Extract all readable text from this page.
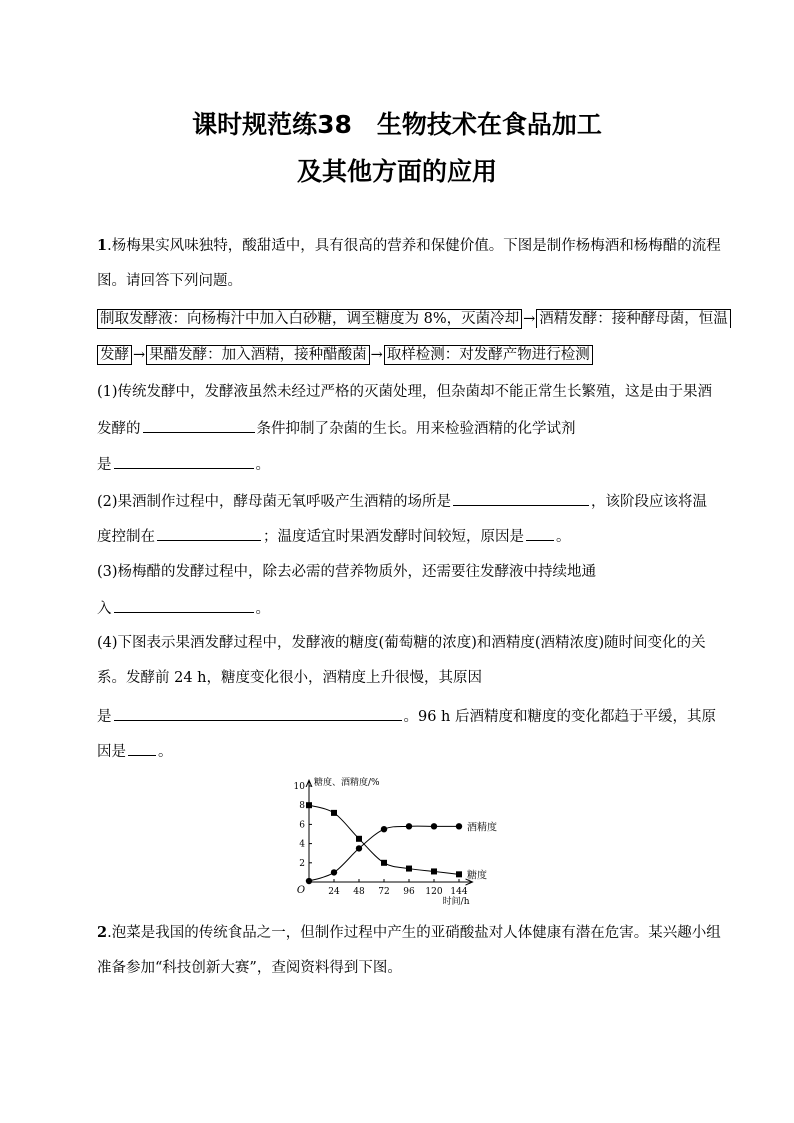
课时规范练38　生物技术在食品加工
及其他方面的应用
1.杨梅果实风味独特，酸甜适中，具有很高的营养和保健价值。下图是制作杨梅酒和杨梅醋的流程
图。请回答下列问题。
制取发酵液：向杨梅汁中加入白砂糖，调至糖度为 8%，灭菌冷却 → 酒精发酵：接种酵母菌，恒温
发酵 → 果醋发酵：加入酒精，接种醋酸菌 → 取样检测：对发酵产物进行检测
(1)传统发酵中，发酵液虽然未经过严格的灭菌处理，但杂菌却不能正常生长繁殖，这是由于果酒
发酵的	条件抑制了杂菌的生长。用来检验酒精的化学试剂
是	。
(2)果酒制作过程中，酵母菌无氧呼吸产生酒精的场所是	，该阶段应该将温
度控制在	；温度适宜时果酒发酵时间较短，原因是 。
(3)杨梅醋的发酵过程中，除去必需的营养物质外，还需要往发酵液中持续地通
入	。
(4)下图表示果酒发酵过程中，发酵液的糖度(葡萄糖的浓度)和酒精度(酒精浓度)随时间变化的关
系。发酵前 24 h，糖度变化很小，酒精度上升很慢，其原因
是	。96 h 后酒精度和糖度的变化都趋于平缓，其原
因是 。
24 48 72 96 120 144
2
4
6
8
10
O
糖度、酒精度/%
时间/h
酒精度
糖度
2.泡菜是我国的传统食品之一，但制作过程中产生的亚硝酸盐对人体健康有潜在危害。某兴趣小组
准备参加“科技创新大赛”，查阅资料得到下图。
